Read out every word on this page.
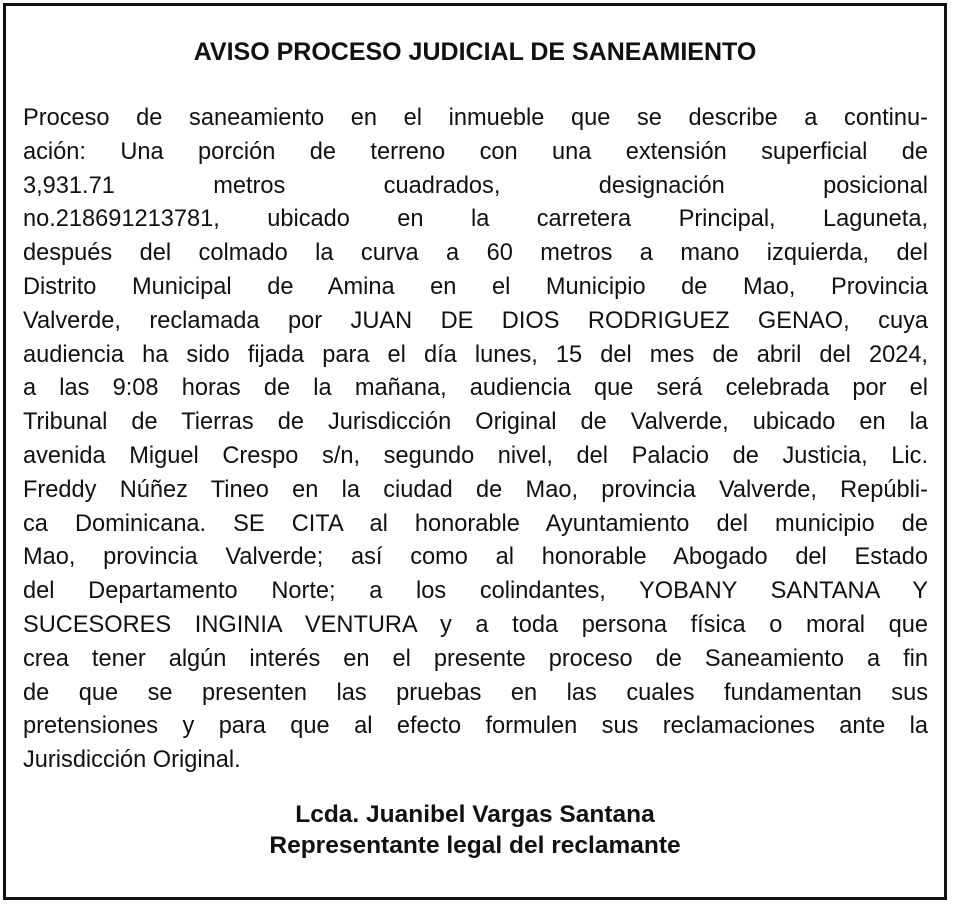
AVISO PROCESO JUDICIAL DE SANEAMIENTO

Proceso de saneamiento en el inmueble que se describe a continu-
ación: Una porción de terreno con una extensión superficial de
3,931.71 metros cuadrados, designación posicional
no.218691213781, ubicado en la carretera Principal, Laguneta,
después del colmado la curva a 60 metros a mano izquierda, del
Distrito Municipal de Amina en el Municipio de Mao, Provincia
Valverde, reclamada por JUAN DE DIOS RODRIGUEZ GENAO, cuya
audiencia ha sido fijada para el día lunes, 15 del mes de abril del 2024,
a las 9:08 horas de la mañana, audiencia que será celebrada por el
Tribunal de Tierras de Jurisdicción Original de Valverde, ubicado en la
avenida Miguel Crespo s/n, segundo nivel, del Palacio de Justicia, Lic.
Freddy Núñez Tineo en la ciudad de Mao, provincia Valverde, Repúbli-
ca Dominicana. SE CITA al honorable Ayuntamiento del municipio de
Mao, provincia Valverde; así como al honorable Abogado del Estado
del Departamento Norte; a los colindantes, YOBANY SANTANA Y
SUCESORES INGINIA VENTURA y a toda persona física o moral que
crea tener algún interés en el presente proceso de Saneamiento a fin
de que se presenten las pruebas en las cuales fundamentan sus
pretensiones y para que al efecto formulen sus reclamaciones ante la
Jurisdicción Original.

Lcda. Juanibel Vargas Santana
Representante legal del reclamante
